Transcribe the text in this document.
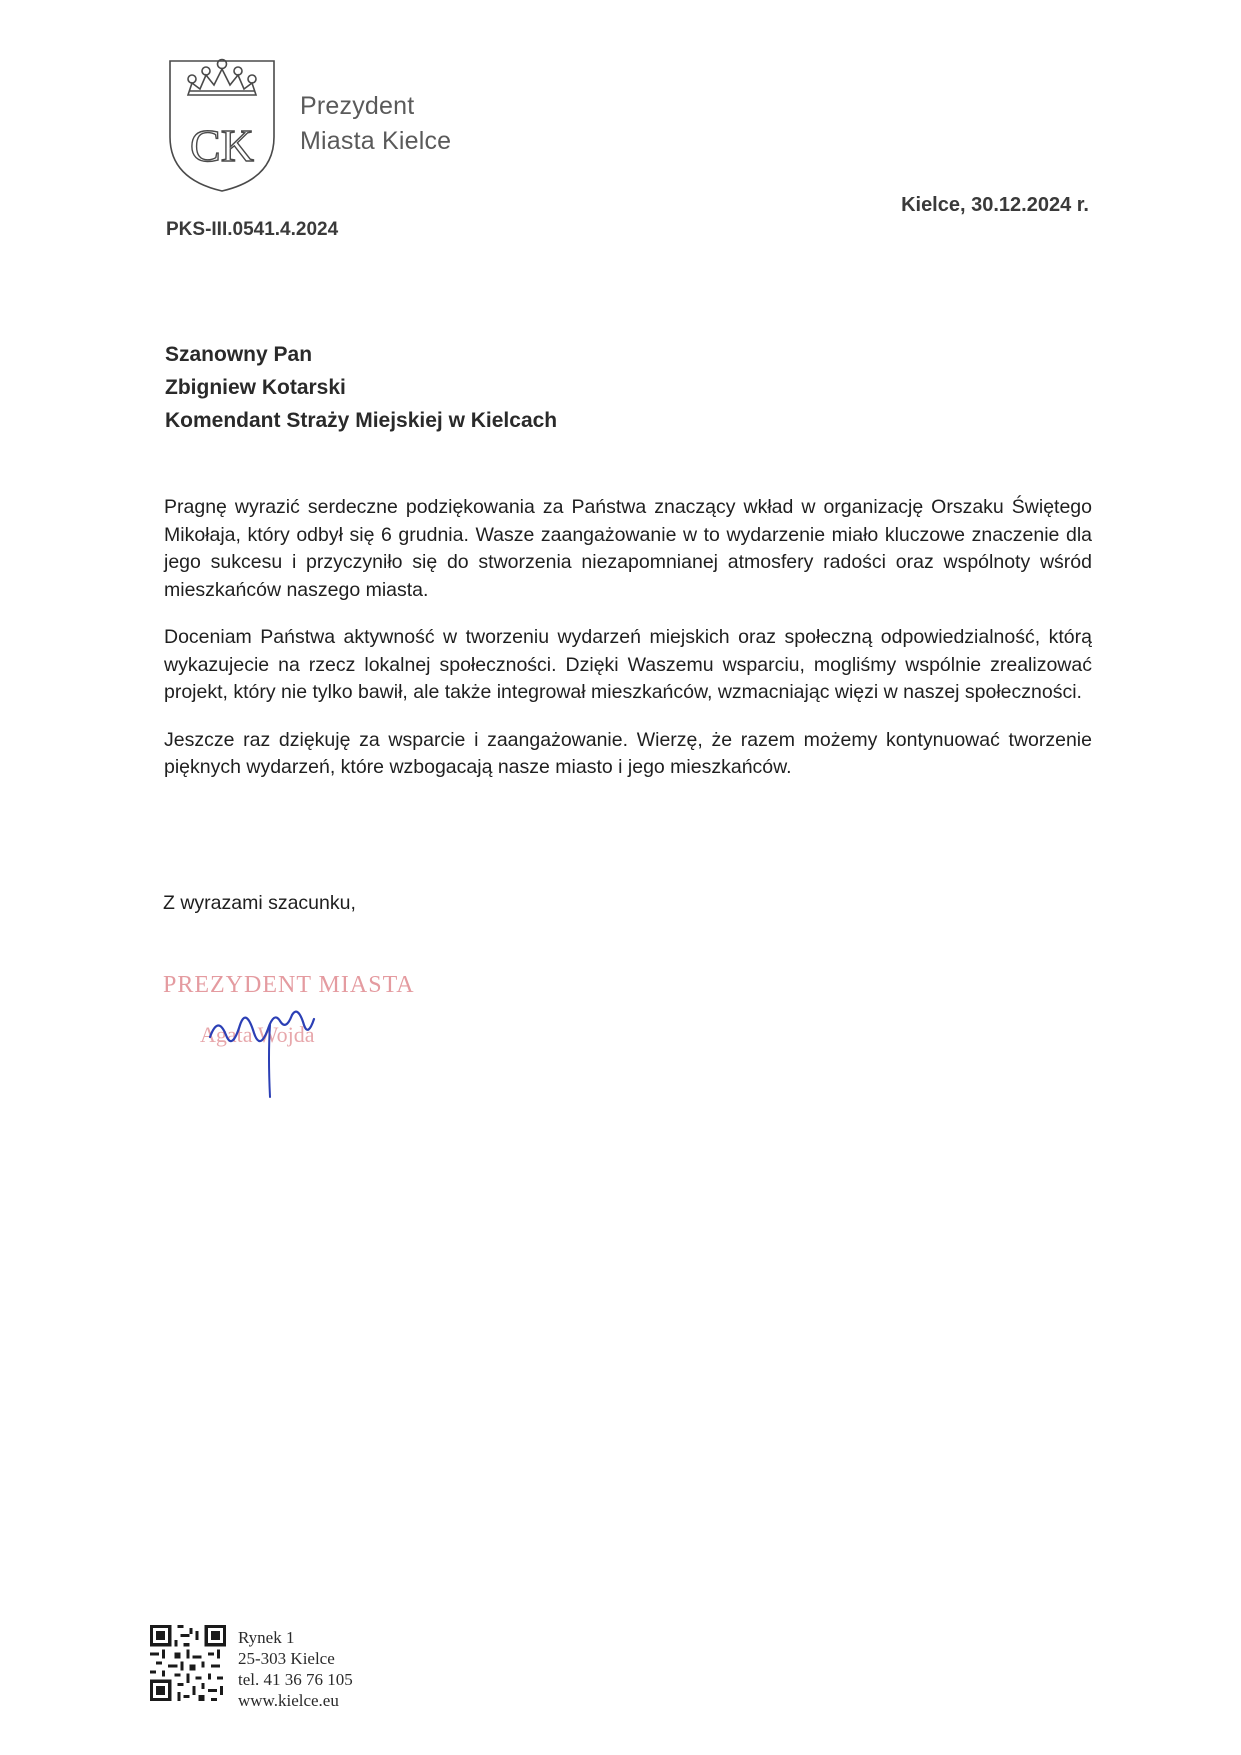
CK
Prezydent
Miasta Kielce
Kielce, 30.12.2024 r.
PKS-III.0541.4.2024
Szanowny Pan
Zbigniew Kotarski
Komendant Straży Miejskiej w Kielcach

Pragnę wyrazić serdeczne podziękowania za Państwa znaczący wkład w organizację Orszaku Świętego Mikołaja, który odbył się 6 grudnia. Wasze zaangażowanie w to wydarzenie miało kluczowe znaczenie dla jego sukcesu i przyczyniło się do stworzenia niezapomnianej atmosfery radości oraz wspólnoty wśród mieszkańców naszego miasta.

Doceniam Państwa aktywność w tworzeniu wydarzeń miejskich oraz społeczną odpowiedzialność, którą wykazujecie na rzecz lokalnej społeczności. Dzięki Waszemu wsparciu, mogliśmy wspólnie zrealizować projekt, który nie tylko bawił, ale także integrował mieszkańców, wzmacniając więzi w naszej społeczności.

Jeszcze raz dziękuję za wsparcie i zaangażowanie. Wierzę, że razem możemy kontynuować tworzenie pięknych wydarzeń, które wzbogacają nasze miasto i jego mieszkańców.

Z wyrazami szacunku,
PREZYDENT MIASTA
Agata Wojda
Rynek 1
25-303 Kielce
tel. 41 36 76 105
www.kielce.eu
